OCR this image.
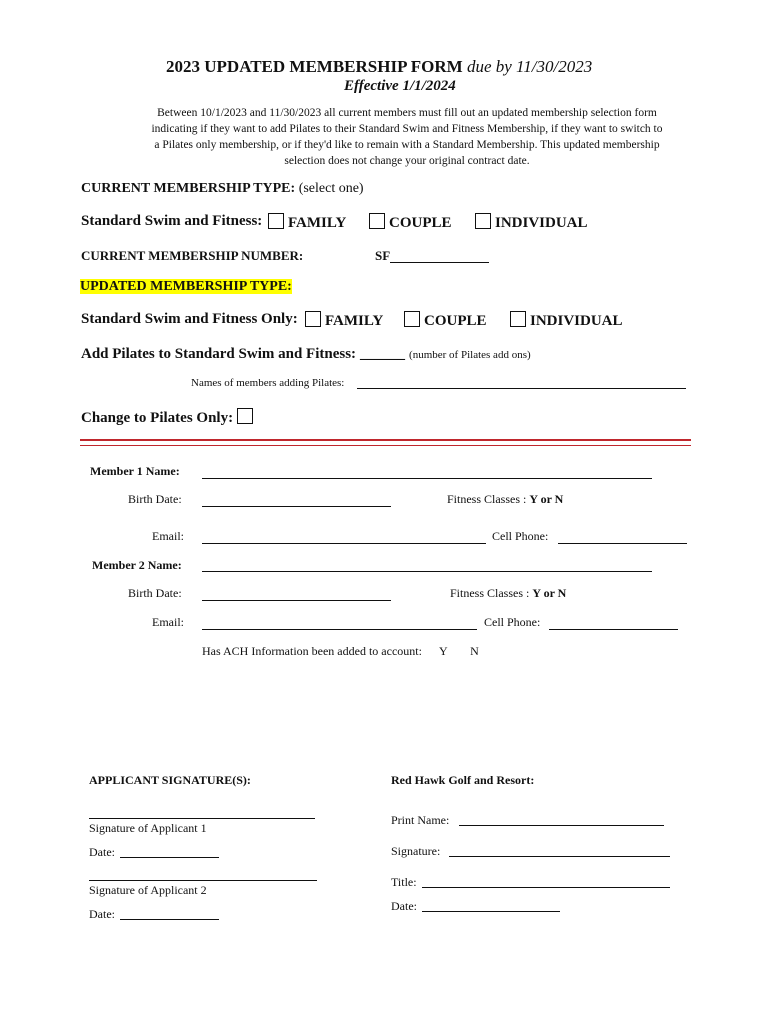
2023 UPDATED MEMBERSHIP FORM due by 11/30/2023
Effective 1/1/2024
Between 10/1/2023 and 11/30/2023 all current members must fill out an updated membership selection form
indicating if they want to add Pilates to their Standard Swim and Fitness Membership, if they want to switch to
a Pilates only membership, or if they'd like to remain with a Standard Membership. This updated membership
selection does not change your original contract date.
CURRENT MEMBERSHIP TYPE: (select one)
Standard Swim and Fitness:	FAMILY	COUPLE	INDIVIDUAL
CURRENT MEMBERSHIP NUMBER:	SF
UPDATED MEMBERSHIP TYPE:
Standard Swim and Fitness Only:	FAMILY	COUPLE	INDIVIDUAL
Add Pilates to Standard Swim and Fitness: ______ (number of Pilates add ons)
Names of members adding Pilates:
Change to Pilates Only:
Member 1 Name:
Birth Date:	Fitness Classes : Y or N
Email:	Cell Phone:
Member 2 Name:
Birth Date:	Fitness Classes : Y or N
Email:	Cell Phone:
Has ACH Information been added to account: Y N
APPLICANT SIGNATURE(S):	Red Hawk Golf and Resort:
Signature of Applicant 1
Date:
Signature of Applicant 2
Date:
Print Name:
Signature:
Title:
Date:
